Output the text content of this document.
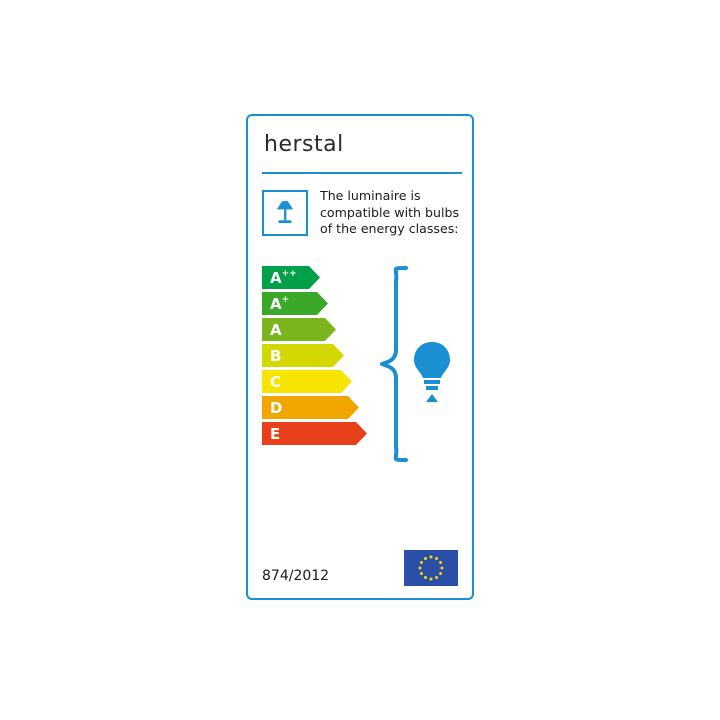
herstal
The luminaire is compatible with bulbs of the energy classes:
A ++
A +
A
B
C
D
E
874/2012
